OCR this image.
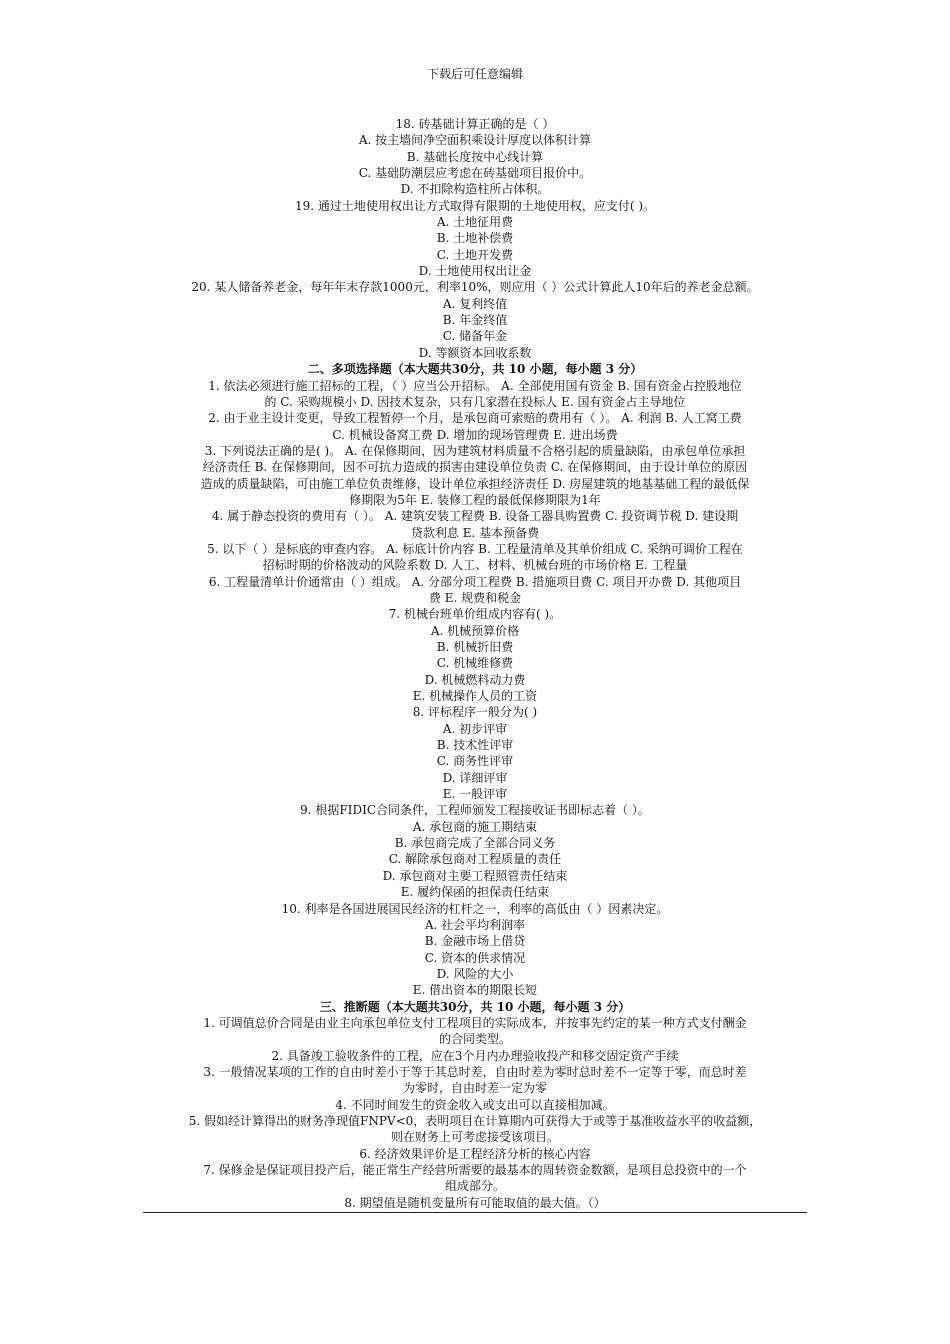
下载后可任意编辑

18. 砖基础计算正确的是（ ）

A. 按主墙间净空面积乘设计厚度以体积计算

B. 基础长度按中心线计算

C. 基础防潮层应考虑在砖基础项目报价中。

D. 不扣除构造柱所占体积。

19. 通过土地使用权出让方式取得有限期的土地使用权，应支付( )。

A. 土地征用费

B. 土地补偿费

C. 土地开发费

D. 土地使用权出让金

20. 某人储备养老金，每年年末存款1000元，利率10%，则应用（ ）公式计算此人10年后的养老金总额。

A. 复利终值

B. 年金终值

C. 储备年金

D. 等额资本回收系数

二、多项选择题（本大题共30分，共 10 小题，每小题 3 分）

1. 依法必须进行施工招标的工程，（ ）应当公开招标。 A. 全部使用国有资金 B. 国有资金占控股地位

的 C. 采购规模小 D. 因技术复杂，只有几家潜在投标人 E. 国有资金占主导地位

2. 由于业主设计变更，导致工程暂停一个月，是承包商可索赔的费用有（ ）。 A. 利润 B. 人工窝工费

C. 机械设备窝工费 D. 增加的现场管理费 E. 进出场费

3. 下列说法正确的是( )。 A. 在保修期间，因为建筑材料质量不合格引起的质量缺陷，由承包单位承担

经济责任 B. 在保修期间，因不可抗力造成的损害由建设单位负责 C. 在保修期间，由于设计单位的原因

造成的质量缺陷，可由施工单位负责维修，设计单位承担经济责任 D. 房屋建筑的地基基础工程的最低保

修期限为5年 E. 装修工程的最低保修期限为1年

4. 属于静态投资的费用有（ ）。 A. 建筑安装工程费 B. 设备工器具购置费 C. 投资调节税 D. 建设期

贷款利息 E. 基本预备费

5. 以下（ ）是标底的审查内容。 A. 标底计价内容 B. 工程量清单及其单价组成 C. 采纳可调价工程在

招标时期的价格波动的风险系数 D. 人工、材料、机械台班的市场价格 E. 工程量

6. 工程量清单计价通常由（ ）组成。 A. 分部分项工程费 B. 措施项目费 C. 项目开办费 D. 其他项目

费 E. 规费和税金

7. 机械台班单价组成内容有( )。

A. 机械预算价格

B. 机械折旧费

C. 机械维修费

D. 机械燃料动力费

E. 机械操作人员的工资

8. 评标程序一般分为( )

A. 初步评审

B. 技术性评审

C. 商务性评审

D. 详细评审

E. 一般评审

9. 根据FIDIC合同条件，工程师颁发工程接收证书即标志着（ ）。

A. 承包商的施工期结束

B. 承包商完成了全部合同义务

C. 解除承包商对工程质量的责任

D. 承包商对主要工程照管责任结束

E. 履约保函的担保责任结束

10. 利率是各国进展国民经济的杠杆之一，利率的高低由（ ）因素决定。

A. 社会平均利润率

B. 金融市场上借贷

C. 资本的供求情况

D. 风险的大小

E. 借出资本的期限长短

三、推断题（本大题共30分，共 10 小题，每小题 3 分）

1. 可调值总价合同是由业主向承包单位支付工程项目的实际成本，并按事先约定的某一种方式支付酬金

的合同类型。

2. 具备竣工验收条件的工程，应在3个月内办理验收投产和移交固定资产手续

3. 一般情况某项的工作的自由时差小于等于其总时差，自由时差为零时总时差不一定等于零，而总时差

为零时，自由时差一定为零

4. 不同时间发生的资金收入或支出可以直接相加减。

5. 假如经计算得出的财务净现值FNPV<0，表明项目在计算期内可获得大于或等于基准收益水平的收益额，

则在财务上可考虑接受该项目。

6. 经济效果评价是工程经济分析的核心内容

7. 保修金是保证项目投产后，能正常生产经营所需要的最基本的周转资金数额，是项目总投资中的一个

组成部分。

8. 期望值是随机变量所有可能取值的最大值。（）
